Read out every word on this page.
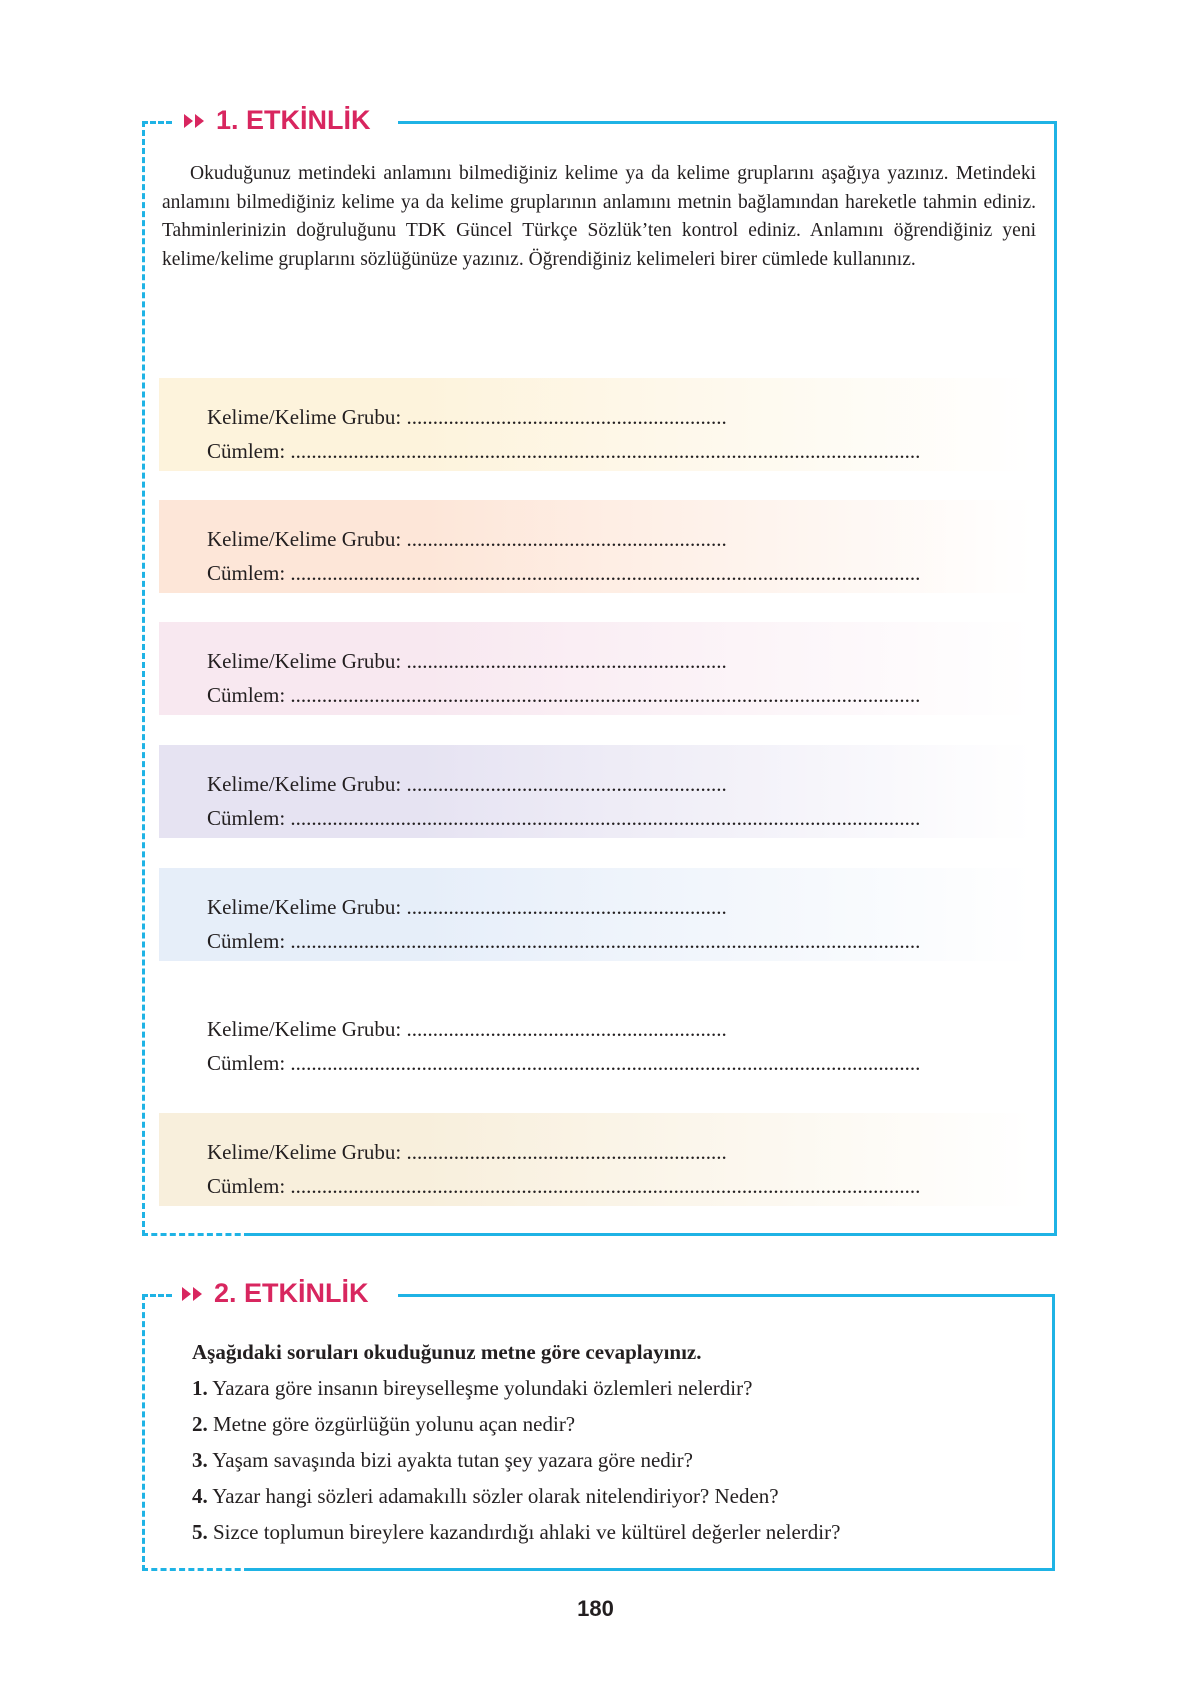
1. ETKİNLİK

Okuduğunuz metindeki anlamını bilmediğiniz kelime ya da kelime gruplarını aşağıya yazınız. Metindeki anlamını bilmediğiniz kelime ya da kelime gruplarının anlamını metnin bağlamından hareketle tahmin ediniz. Tahminlerinizin doğruluğunu TDK Güncel Türkçe Sözlük’ten kontrol ediniz. Anlamını öğrendiğiniz yeni kelime/kelime gruplarını sözlüğünüze yazınız. Öğrendiğiniz kelimeleri birer cümlede kullanınız.

Kelime/Kelime Grubu: .............................................................
Cümlem: ........................................................................................................................
Kelime/Kelime Grubu: .............................................................
Cümlem: ........................................................................................................................
Kelime/Kelime Grubu: .............................................................
Cümlem: ........................................................................................................................
Kelime/Kelime Grubu: .............................................................
Cümlem: ........................................................................................................................
Kelime/Kelime Grubu: .............................................................
Cümlem: ........................................................................................................................
Kelime/Kelime Grubu: .............................................................
Cümlem: ........................................................................................................................
Kelime/Kelime Grubu: .............................................................
Cümlem: ........................................................................................................................
2. ETKİNLİK

Aşağıdaki soruları okuduğunuz metne göre cevaplayınız.

1. Yazara göre insanın bireyselleşme yolundaki özlemleri nelerdir?

2. Metne göre özgürlüğün yolunu açan nedir?

3. Yaşam savaşında bizi ayakta tutan şey yazara göre nedir?

4. Yazar hangi sözleri adamakıllı sözler olarak nitelendiriyor? Neden?

5. Sizce toplumun bireylere kazandırdığı ahlaki ve kültürel değerler nelerdir?

180
